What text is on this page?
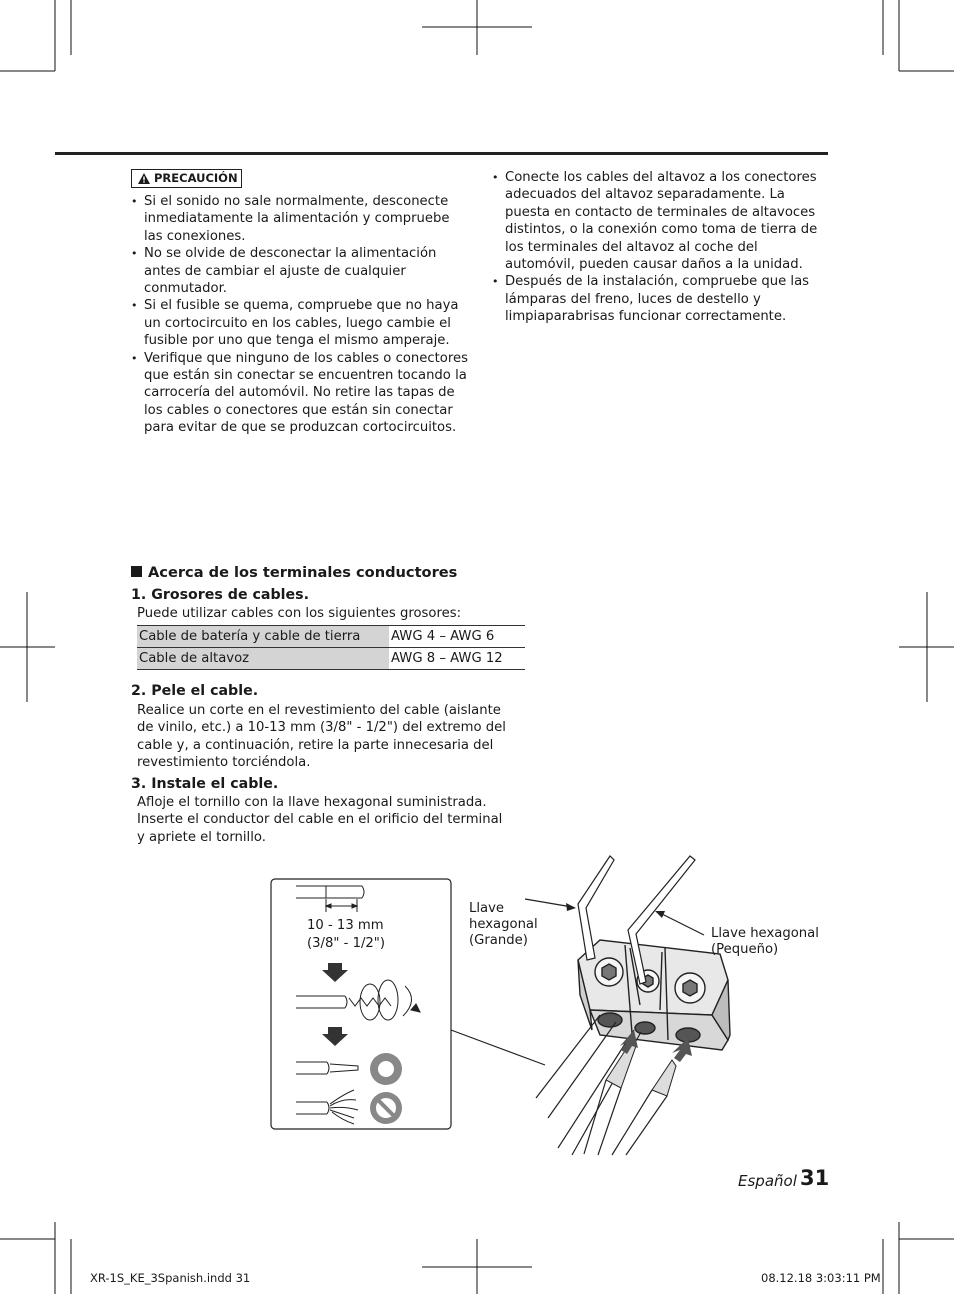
PRECAUCIÓN
• Si el sonido no sale normalmente, desconecte inmediatamente la alimentación y compruebe las conexiones.
• No se olvide de desconectar la alimentación antes de cambiar el ajuste de cualquier conmutador.
• Si el fusible se quema, compruebe que no haya un cortocircuito en los cables, luego cambie el fusible por uno que tenga el mismo amperaje.
• Verifique que ninguno de los cables o conectores que están sin conectar se encuentren tocando la carrocería del automóvil. No retire las tapas de los cables o conectores que están sin conectar para evitar de que se produzcan cortocircuitos.
• Conecte los cables del altavoz a los conectores adecuados del altavoz separadamente. La puesta en contacto de terminales de altavoces distintos, o la conexión como toma de tierra de los terminales del altavoz al coche del automóvil, pueden causar daños a la unidad.
• Después de la instalación, compruebe que las lámparas del freno, luces de destello y limpiaparabrisas funcionar correctamente.
Acerca de los terminales conductores
1. Grosores de cables.
Puede utilizar cables con los siguientes grosores:
Cable de batería y cable de tierra	AWG 4 – AWG 6
Cable de altavoz	AWG 8 – AWG 12
2. Pele el cable.
Realice un corte en el revestimiento del cable (aislante de vinilo, etc.) a 10-13 mm (3/8" - 1/2") del extremo del cable y, a continuación, retire la parte innecesaria del revestimiento torciéndola.
3. Instale el cable.
Afloje el tornillo con la llave hexagonal suministrada. Inserte el conductor del cable en el orificio del terminal y apriete el tornillo.
10 - 13 mm
(3/8" - 1/2")
Llave
hexagonal
(Grande)	Llave hexagonal
(Pequeño)
Español 31
XR-1S_KE_3Spanish.indd 31	08.12.18 3:03:11 PM
